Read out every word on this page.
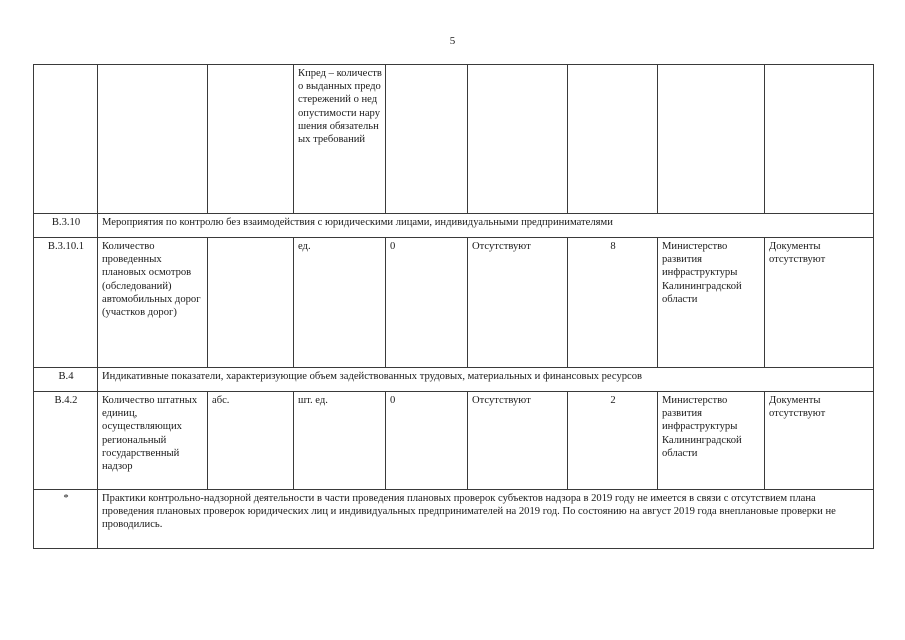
5
			Кпред – количество выданных предостережений о недопустимости нарушения обязательных требований					
В.3.10	Мероприятия по контролю без взаимодействия с юридическими лицами, индивидуальными предпринимателями							
В.3.10.1	Количество проведенных плановых осмотров (обследований) автомобильных дорог (участков дорог)		ед.	0	Отсутствуют	8	Министерство развития инфраструктуры Калининградской области	Документы отсутствуют
В.4	Индикативные показатели, характеризующие объем задействованных трудовых, материальных и финансовых ресурсов							
В.4.2	Количество штатных единиц, осуществляющих региональный государственный надзор	абс.	шт. ед.	0	Отсутствуют	2	Министерство развития инфраструктуры Калининградской области	Документы отсутствуют
*	Практики контрольно-надзорной деятельности в части проведения плановых проверок субъектов надзора в 2019 году не имеется в связи с отсутствием плана проведения плановых проверок юридических лиц и индивидуальных предпринимателей на 2019 год. По состоянию на август 2019 года внеплановые проверки не проводились.							
